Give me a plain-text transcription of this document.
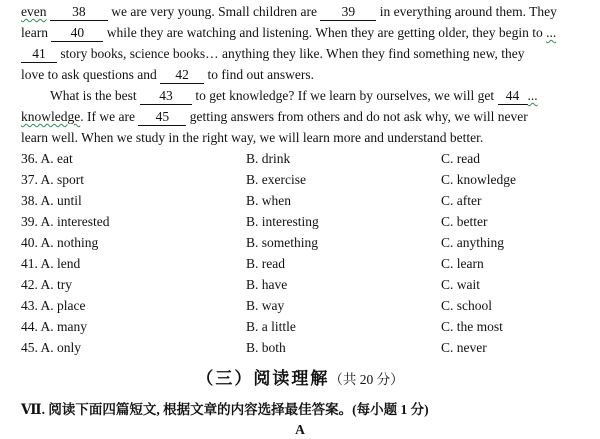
even 38 we are very young. Small children are 39 in everything around them. They
learn 40 while they are watching and listening. When they are getting older, they begin to ...
41 story books, science books… anything they like. When they find something new, they
love to ask questions and 42 to find out answers.
What is the best 43 to get knowledge? If we learn by ourselves, we will get 44 ...
knowledge. If we are 45 getting answers from others and do not ask why, we will never
learn well. When we study in the right way, we will learn more and understand better.
36. A. eat	B. drink	C. read
37. A. sport	B. exercise	C. knowledge
38. A. until	B. when	C. after
39. A. interested	B. interesting	C. better
40. A. nothing	B. something	C. anything
41. A. lend	B. read	C. learn
42. A. try	B. have	C. wait
43. A. place	B. way	C. school
44. A. many	B. a little	C. the most
45. A. only	B. both	C. never
（三）阅读理解（共 20 分）
Ⅶ. 阅读下面四篇短文, 根据文章的内容选择最佳答案。(每小题 1 分)
A
